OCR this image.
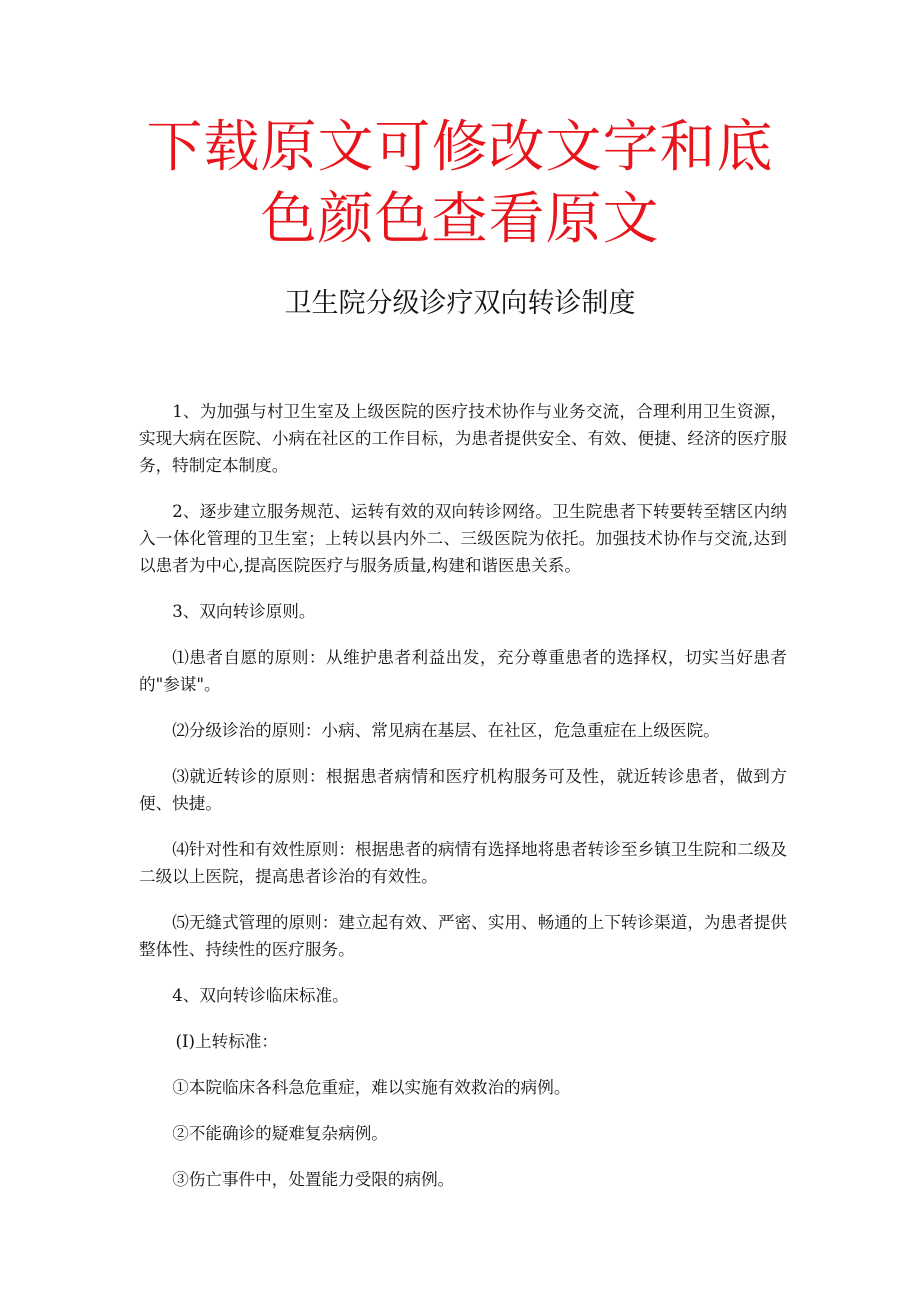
下载原文可修改文字和底
色颜色查看原文
卫生院分级诊疗双向转诊制度

1、为加强与村卫生室及上级医院的医疗技术协作与业务交流，合理利用卫生资源，实现大病在医院、小病在社区的工作目标，为患者提供安全、有效、便捷、经济的医疗服务，特制定本制度。

2、逐步建立服务规范、运转有效的双向转诊网络。卫生院患者下转要转至辖区内纳入一体化管理的卫生室；上转以县内外二、三级医院为依托。加强技术协作与交流,达到以患者为中心,提高医院医疗与服务质量,构建和谐医患关系。

3、双向转诊原则。

⑴患者自愿的原则：从维护患者利益出发，充分尊重患者的选择权，切实当好患者的"参谋"。

⑵分级诊治的原则：小病、常见病在基层、在社区，危急重症在上级医院。

⑶就近转诊的原则：根据患者病情和医疗机构服务可及性，就近转诊患者，做到方便、快捷。

⑷针对性和有效性原则：根据患者的病情有选择地将患者转诊至乡镇卫生院和二级及二级以上医院，提高患者诊治的有效性。

⑸无缝式管理的原则：建立起有效、严密、实用、畅通的上下转诊渠道，为患者提供整体性、持续性的医疗服务。

4、双向转诊临床标准。

(I)上转标准：

①本院临床各科急危重症，难以实施有效救治的病例。

②不能确诊的疑难复杂病例。

③伤亡事件中，处置能力受限的病例。
